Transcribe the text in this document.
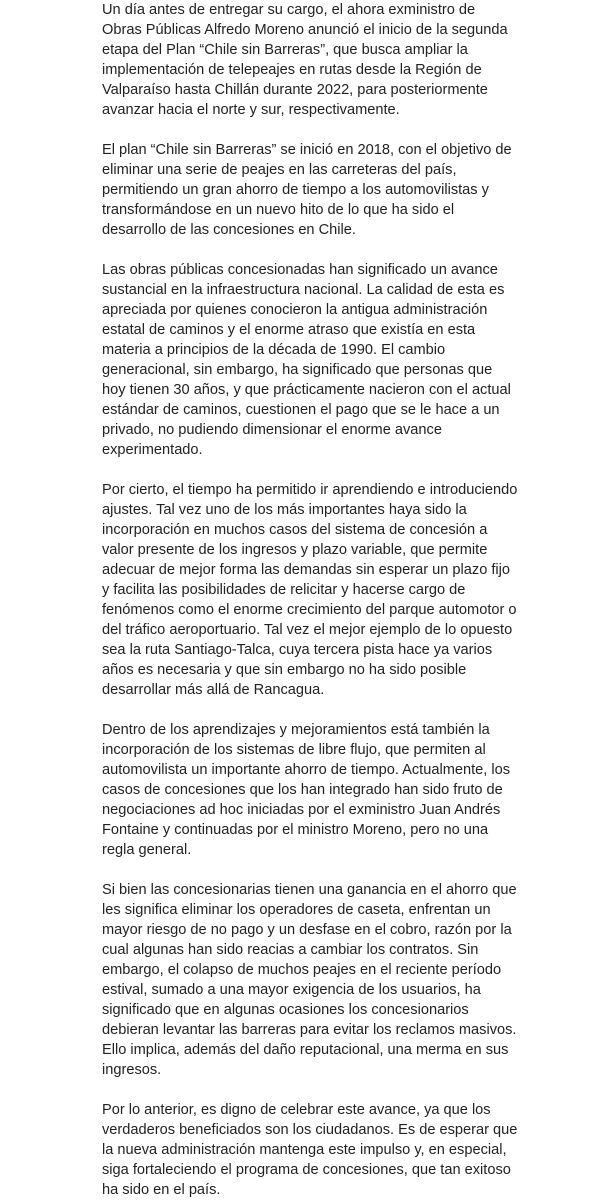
Un día antes de entregar su cargo, el ahora exministro de Obras Públicas Alfredo Moreno anunció el inicio de la segunda etapa del Plan “Chile sin Barreras”, que busca ampliar la implementación de telepeajes en rutas desde la Región de Valparaíso hasta Chillán durante 2022, para posteriormente avanzar hacia el norte y sur, respectivamente.

El plan “Chile sin Barreras” se inició en 2018, con el objetivo de eliminar una serie de peajes en las carreteras del país, permitiendo un gran ahorro de tiempo a los automovilistas y transformándose en un nuevo hito de lo que ha sido el desarrollo de las concesiones en Chile.

Las obras públicas concesionadas han significado un avance sustancial en la infraestructura nacional. La calidad de esta es apreciada por quienes conocieron la antigua administración estatal de caminos y el enorme atraso que existía en esta materia a principios de la década de 1990. El cambio generacional, sin embargo, ha significado que personas que hoy tienen 30 años, y que prácticamente nacieron con el actual estándar de caminos, cuestionen el pago que se le hace a un privado, no pudiendo dimensionar el enorme avance experimentado.

Por cierto, el tiempo ha permitido ir aprendiendo e introduciendo ajustes. Tal vez uno de los más importantes haya sido la incorporación en muchos casos del sistema de concesión a valor presente de los ingresos y plazo variable, que permite adecuar de mejor forma las demandas sin esperar un plazo fijo y facilita las posibilidades de relicitar y hacerse cargo de fenómenos como el enorme crecimiento del parque automotor o del tráfico aeroportuario. Tal vez el mejor ejemplo de lo opuesto sea la ruta Santiago-Talca, cuya tercera pista hace ya varios años es necesaria y que sin embargo no ha sido posible desarrollar más allá de Rancagua.

Dentro de los aprendizajes y mejoramientos está también la incorporación de los sistemas de libre flujo, que permiten al automovilista un importante ahorro de tiempo. Actualmente, los casos de concesiones que los han integrado han sido fruto de negociaciones ad hoc iniciadas por el exministro Juan Andrés Fontaine y continuadas por el ministro Moreno, pero no una regla general.

Si bien las concesionarias tienen una ganancia en el ahorro que les significa eliminar los operadores de caseta, enfrentan un mayor riesgo de no pago y un desfase en el cobro, razón por la cual algunas han sido reacias a cambiar los contratos. Sin embargo, el colapso de muchos peajes en el reciente período estival, sumado a una mayor exigencia de los usuarios, ha significado que en algunas ocasiones los concesionarios debieran levantar las barreras para evitar los reclamos masivos. Ello implica, además del daño reputacional, una merma en sus ingresos.

Por lo anterior, es digno de celebrar este avance, ya que los verdaderos beneficiados son los ciudadanos. Es de esperar que la nueva administración mantenga este impulso y, en especial, siga fortaleciendo el programa de concesiones, que tan exitoso ha sido en el país.
